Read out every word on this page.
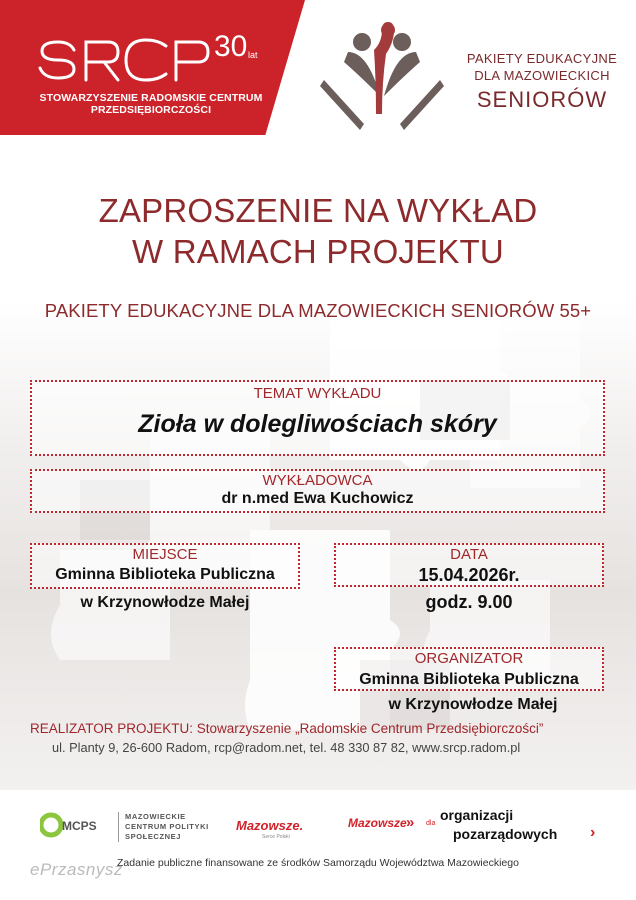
30 lat
STOWARZYSZENIE RADOMSKIE CENTRUM
PRZEDSIĘBIORCZOŚCI
PAKIETY EDUKACYJNE
DLA MAZOWIECKICH
SENIORÓW
ZAPROSZENIE NA WYKŁAD
W RAMACH PROJEKTU
PAKIETY EDUKACYJNE DLA MAZOWIECKICH SENIORÓW 55+
TEMAT WYKŁADU
Zioła w dolegliwościach skóry
WYKŁADOWCA
dr n.med Ewa Kuchowicz
MIEJSCE
Gminna Biblioteka Publiczna
w Krzynowłodze Małej
DATA
15.04.2026r.
godz. 9.00
ORGANIZATOR
Gminna Biblioteka Publiczna
w Krzynowłodze Małej
REALIZATOR PROJEKTU: Stowarzyszenie „Radomskie Centrum Przedsiębiorczości”
ul. Planty 9, 26-600 Radom, rcp@radom.net, tel. 48 330 87 82, www.srcp.radom.pl
MCPS
MAZOWIECKIE
CENTRUM POLITYKI
SPOŁECZNEJ
Mazowsze.
Serce Polski
Mazowsze » dla
organizacji
pozarządowych ›
Zadanie publiczne finansowane ze środków Samorządu Województwa Mazowieckiego
ePrzasnysz
